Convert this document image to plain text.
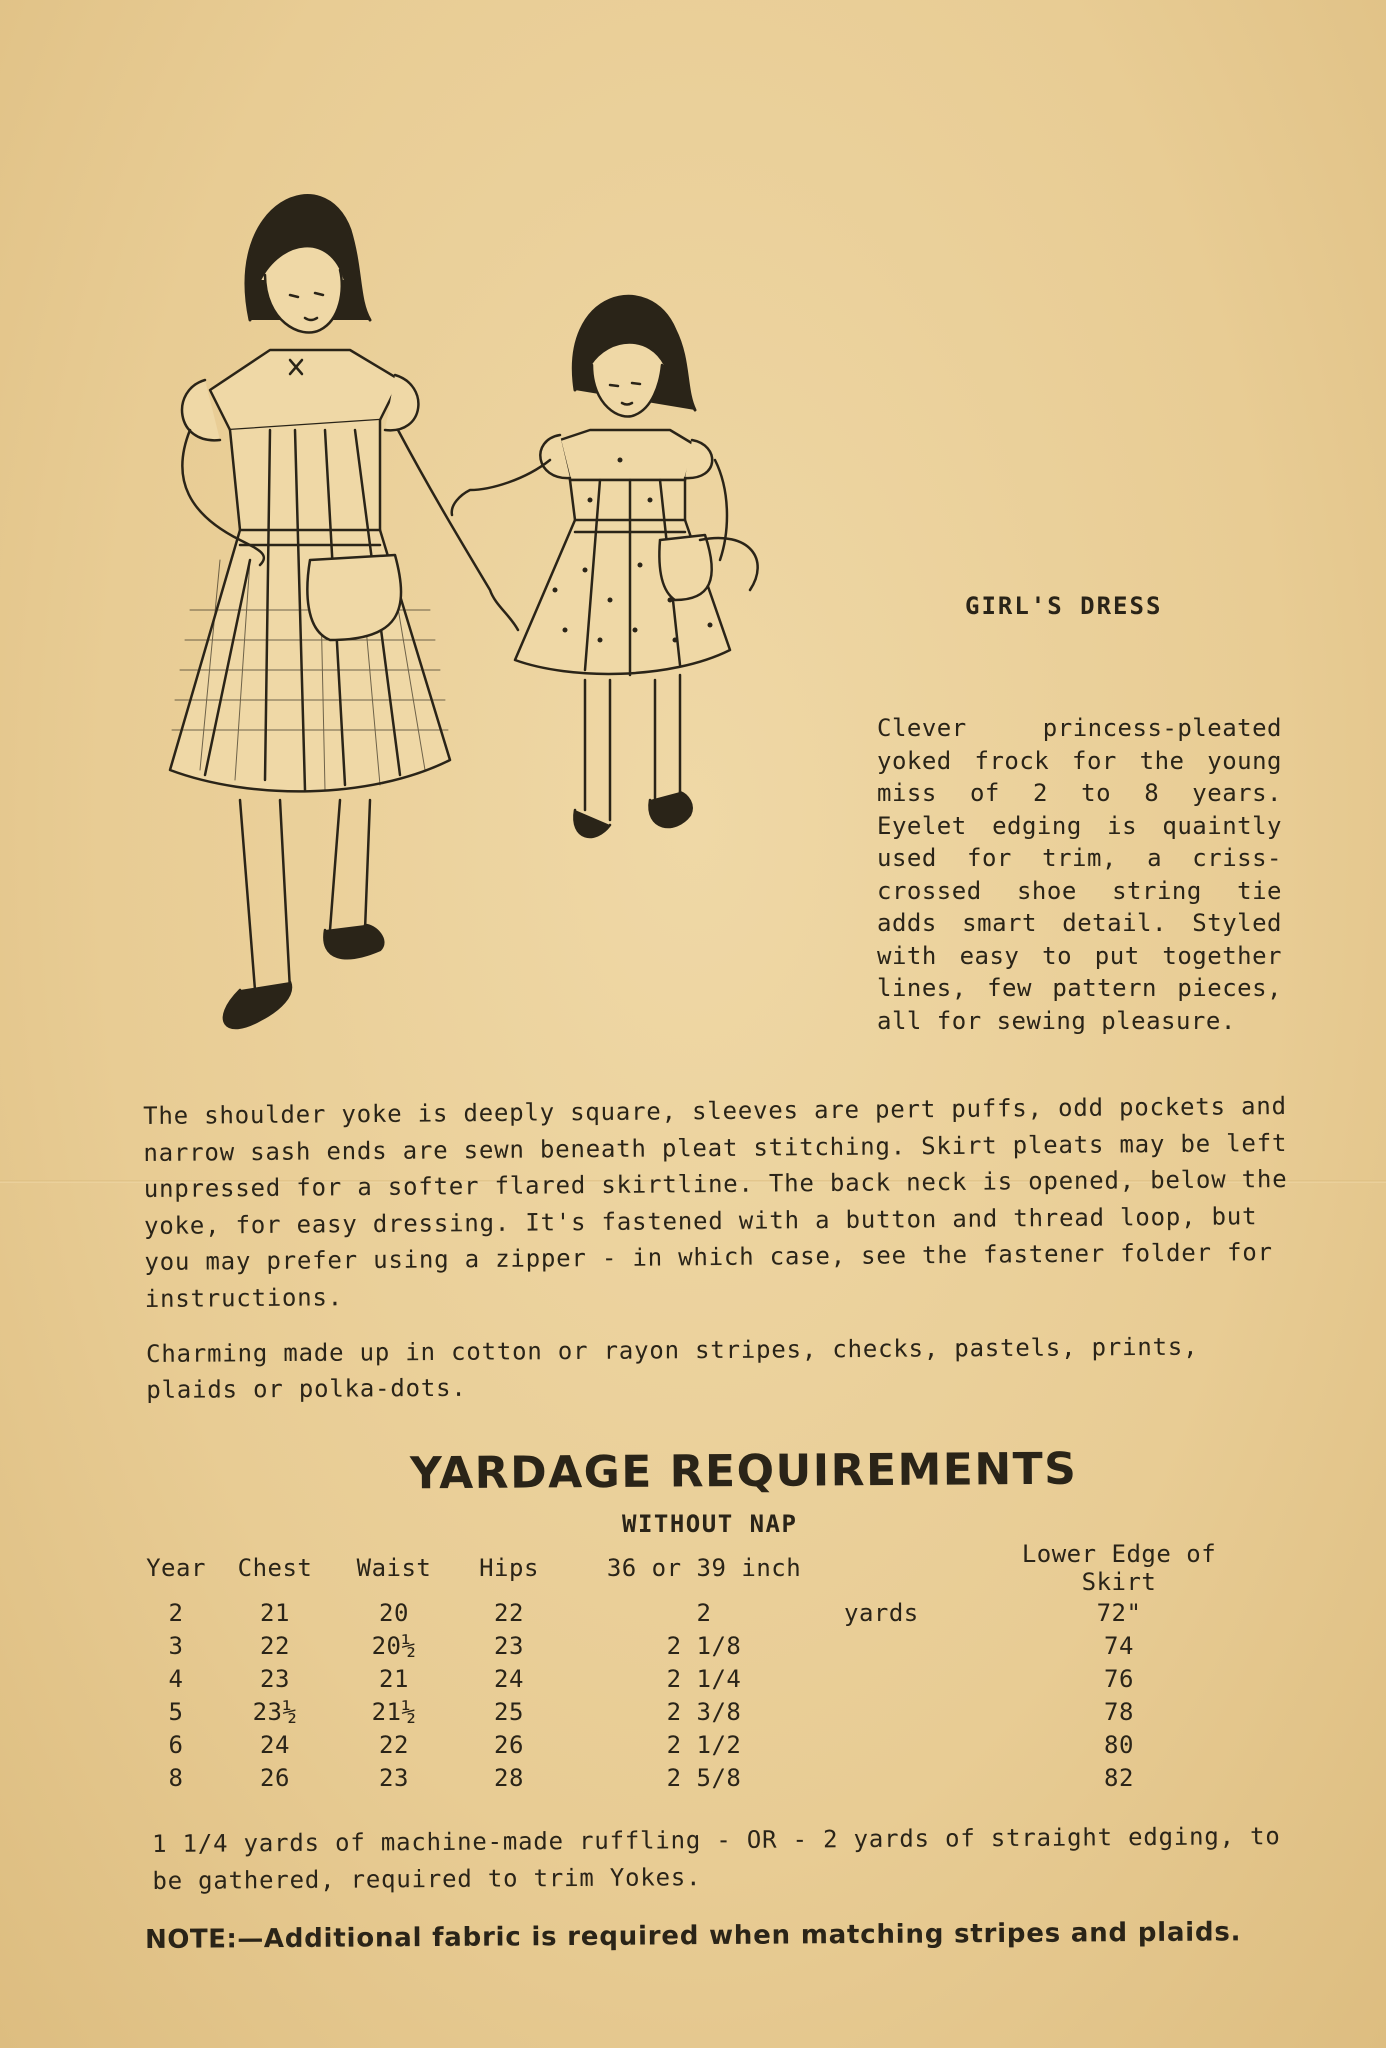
GIRL'S DRESS
Clever princess-pleated yoked frock for the young miss of 2 to 8 years. Eyelet edging is quaintly used for trim, a criss-crossed shoe string tie adds smart detail. Styled with easy to put together lines, few pattern pieces, all for sewing pleasure.
The shoulder yoke is deeply square, sleeves are pert puffs, odd pockets and narrow sash ends are sewn beneath pleat stitching. Skirt pleats may be left unpressed for a softer flared skirtline. The back neck is opened, below the yoke, for easy dressing. It's fastened with a button and thread loop, but you may prefer using a zipper - in which case, see the fastener folder for instructions.
Charming made up in cotton or rayon stripes, checks, pastels, prints, plaids or polka-dots.
YARDAGE REQUIREMENTS
WITHOUT NAP
Year	Chest	Waist	Hips	36 or 39 inch		Lower Edge of Skirt
2	21	20	22	2	yards	72"
3	22	20½	23	2 1/8		74
4	23	21	24	2 1/4		76
5	23½	21½	25	2 3/8		78
6	24	22	26	2 1/2		80
8	26	23	28	2 5/8		82
1 1/4 yards of machine-made ruffling - OR - 2 yards of straight edging, to be gathered, required to trim Yokes.
NOTE:—Additional fabric is required when matching stripes and plaids.
